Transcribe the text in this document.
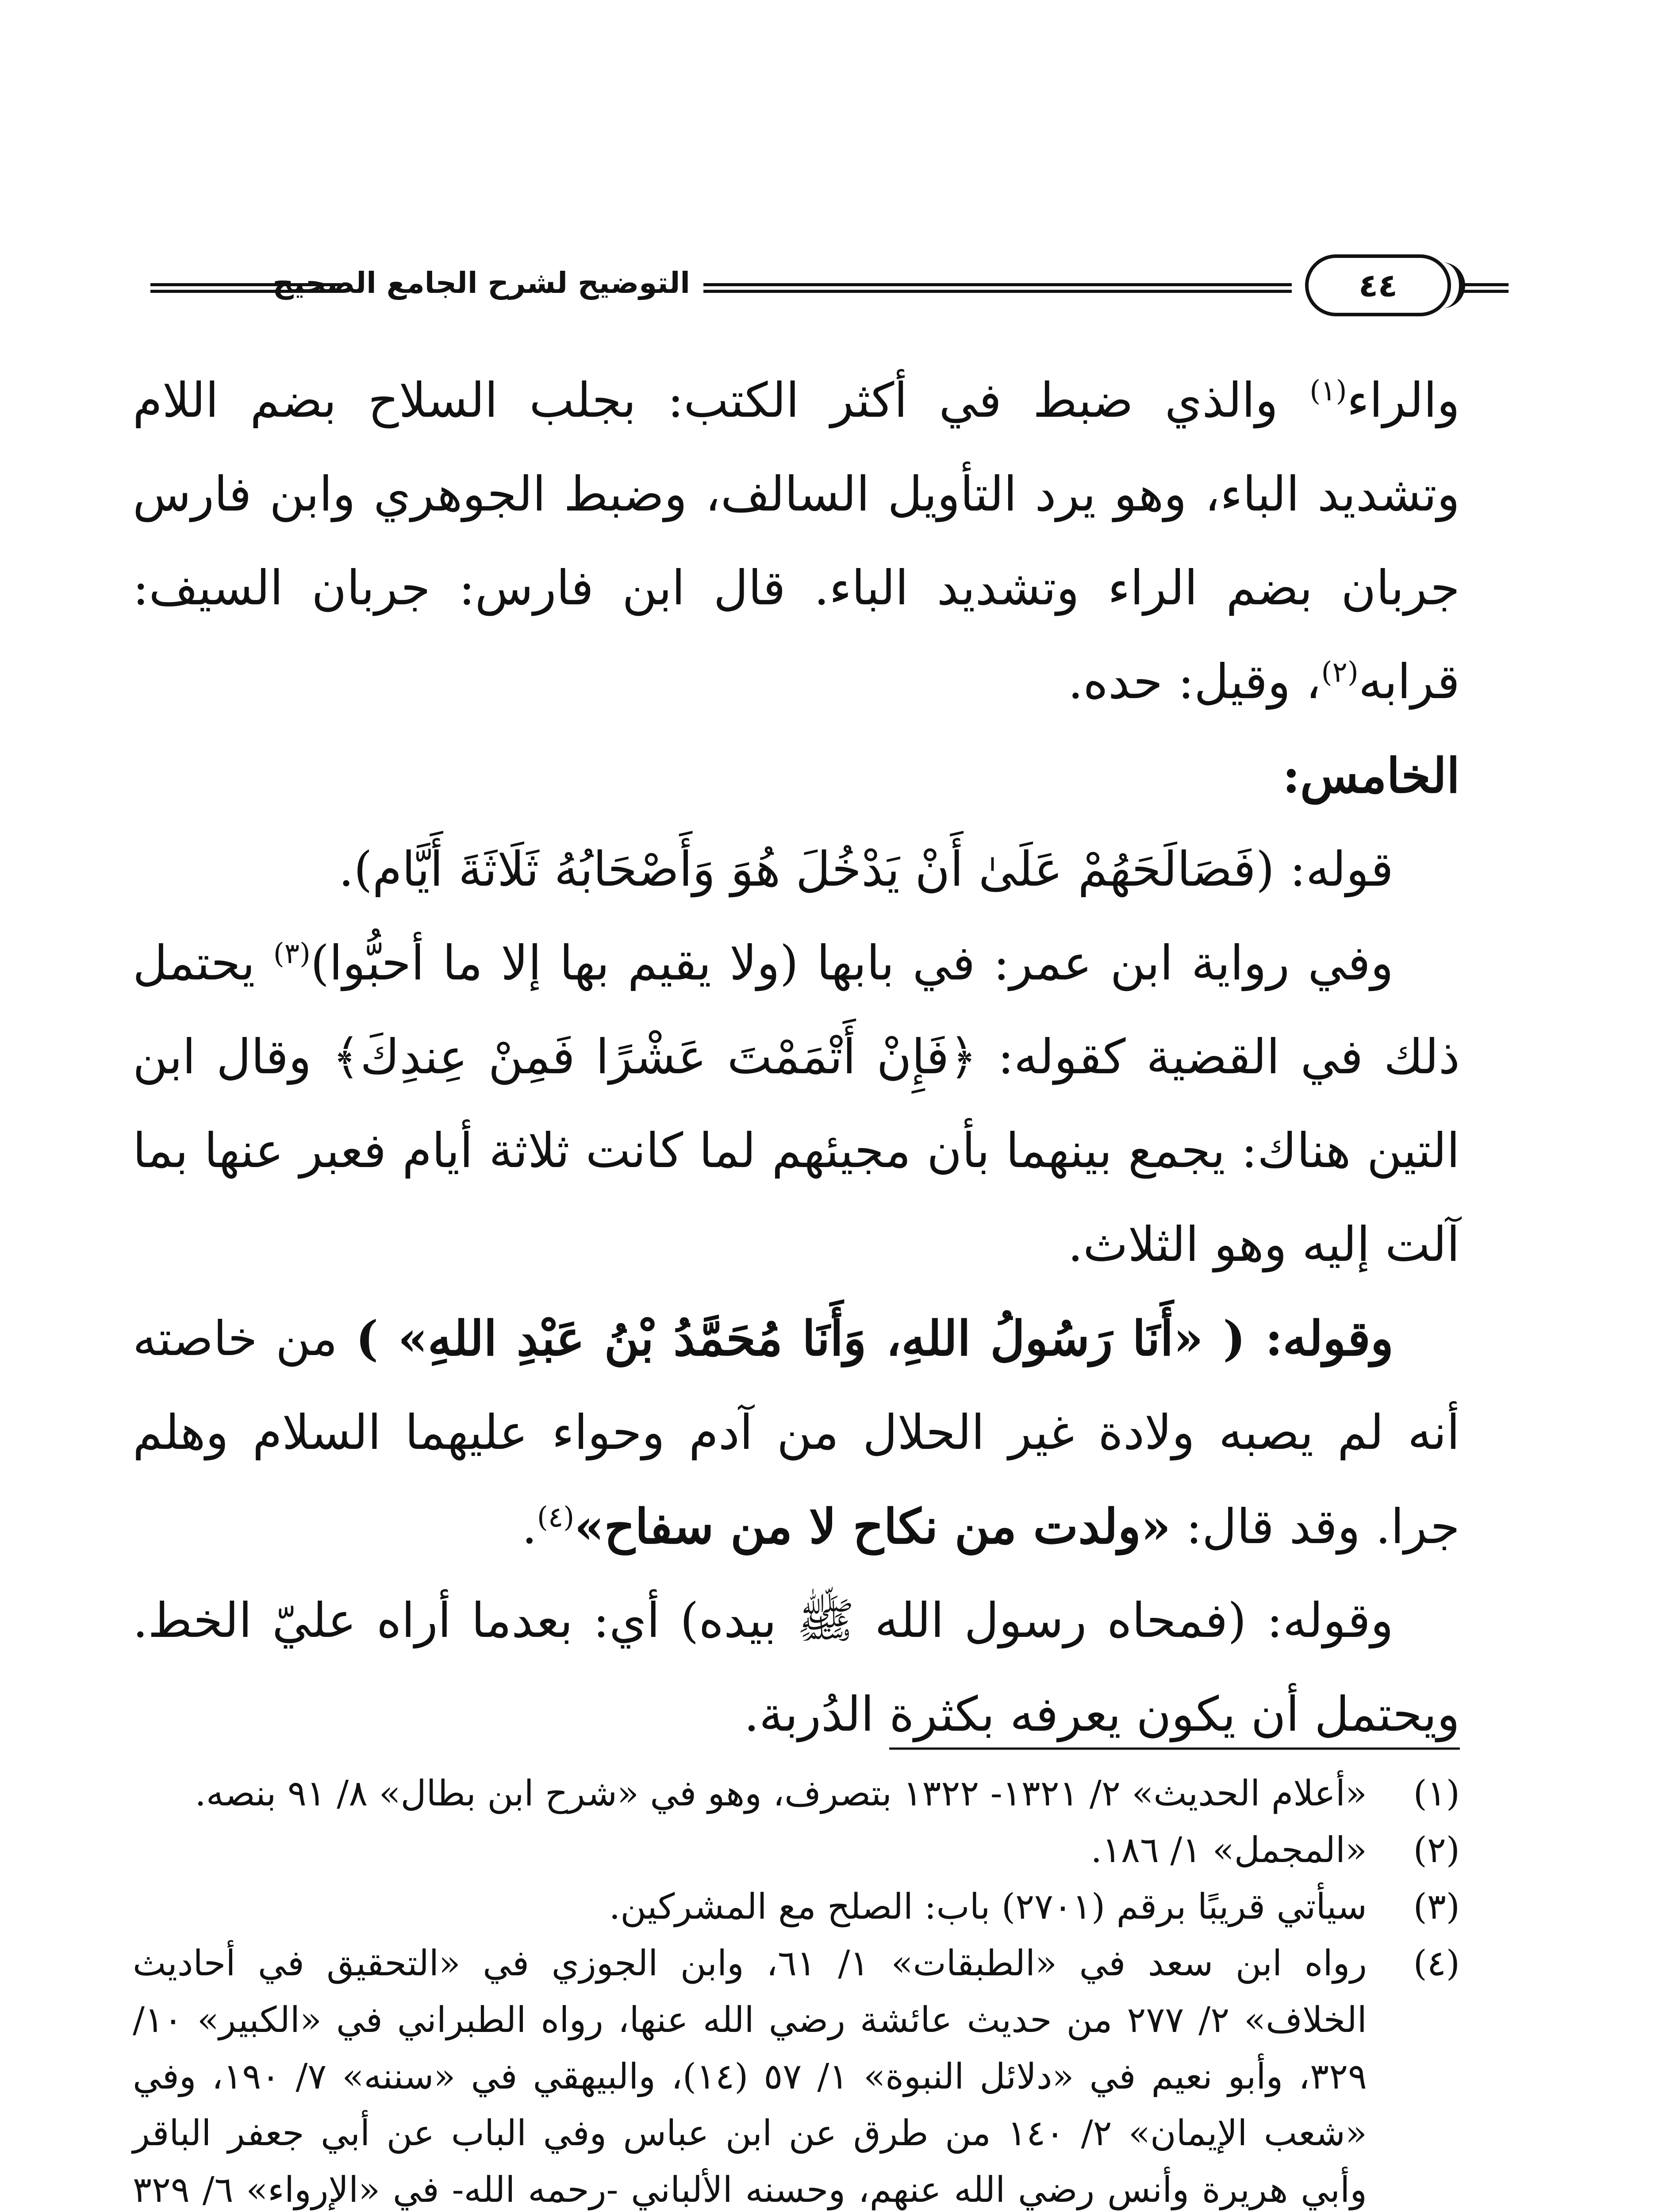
التوضيح لشرح الجامع الصحيح	٤٤

والراء$^{(١)}$ والذي ضبط في أكثر الكتب: بجلب السلاح بضم اللام وتشديد الباء، وهو يرد التأويل السالف، وضبط الجوهري وابن فارس جربان بضم الراء وتشديد الباء. قال ابن فارس: جربان السيف: قرابه$^{(٢)}$، وقيل: حده.

الخامس:

قوله: (فَصَالَحَهُمْ عَلَىٰ أَنْ يَدْخُلَ هُوَ وَأَصْحَابُهُ ثَلَاثَةَ أَيَّام).

وفي رواية ابن عمر: في بابها (ولا يقيم بها إلا ما أحبُّوا)$^{(٣)}$ يحتمل ذلك في القضية كقوله: ﴿فَإِنْ أَتْمَمْتَ عَشْرًا فَمِنْ عِندِكَ﴾ وقال ابن التين هناك: يجمع بينهما بأن مجيئهم لما كانت ثلاثة أيام فعبر عنها بما آلت إليه وهو الثلاث.

وقوله: ( «أَنَا رَسُولُ اللهِ، وَأَنَا مُحَمَّدُ بْنُ عَبْدِ اللهِ» ) من خاصته أنه لم يصبه ولادة غير الحلال من آدم وحواء عليهما السلام وهلم جرا. وقد قال: «ولدت من نكاح لا من سفاح»$^{(٤)}$.

وقوله: (فمحاه رسول الله ﷺ بيده) أي: بعدما أراه عليّ الخط. ويحتمل أن يكون يعرفه بكثرة الدُربة.

(١)
«أعلام الحديث» ٢/ ١٣٢١- ١٣٢٢ بتصرف، وهو في «شرح ابن بطال» ٨/ ٩١ بنصه.
(٢)
«المجمل» ١/ ١٨٦.
(٣)
سيأتي قريبًا برقم (٢٧٠١) باب: الصلح مع المشركين.
(٤)
رواه ابن سعد في «الطبقات» ١/ ٦١، وابن الجوزي في «التحقيق في أحاديث الخلاف» ٢/ ٢٧٧ من حديث عائشة رضي الله عنها، رواه الطبراني في «الكبير» ١٠/ ٣٢٩، وأبو نعيم في «دلائل النبوة» ١/ ٥٧ (١٤)، والبيهقي في «سننه» ٧/ ١٩٠، وفي «شعب الإيمان» ٢/ ١٤٠ من طرق عن ابن عباس وفي الباب عن أبي جعفر الباقر وأبي هريرة وأنس رضي الله عنهم، وحسنه الألباني -رحمه الله- في «الإرواء» ٦/ ٣٢٩
